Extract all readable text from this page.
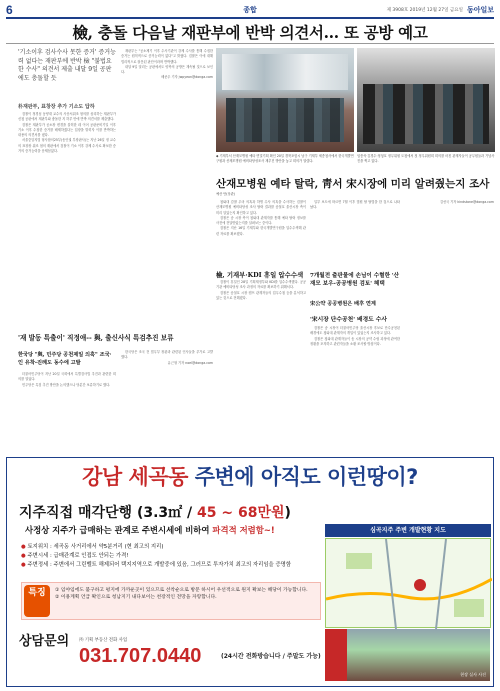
6	종합	제 3908호 2019년 12월 27일 금요일 동아일보
檢, 충돌 다음날 재판부에 반박 의견서… 또 공방 예고
'기소이후 검사수사 못한 증거' 증거능력 없다는 재판부에 반박 檢 "불법요한 수사" 의견서 제출 내달 9일 공판에도 충돌할 듯
朴재판부, 표창장 추가 기소도 답하

검찰이 정경심 동양대 교수의 사문서위조 혐의를 심리하는 재판부가 신청 공판에서 재판부와 충돌한 지 하루 만에 반박 의견서를 제출했다.

검찰은 재판부가 공소장 변경을 불허한 데 이어 공판준비기일 이후 기소 이후 수집한 증거를 배제하겠다는 입장을 밝히자 이를 반박하는 내용의 의견서를 냈다.

서울중앙지법 형사합의25부(송인권 부장판사)는 지난 26일 정 교수의 표창장 위조 혐의 재판에서 검찰이 기소 이후 강제 수사로 확보한 증거의 증거능력을 문제삼았다.

재판부는 "공소제기 이후 수사기관이 강제 수사를 통해 수집한 증거는 원칙적으로 증거능력이 없다"고 밝혔다. 검찰은 이에 대해 법리적으로 잘못된 판단이라며 반박했다.

내달 9일 열리는 공판에서도 양측의 공방은 계속될 것으로 보인다.

배준우 기자 jwpyeon@donga.com

◆ 기재부서 산재모병원 예타 면밀기획 확인 20일 경북포항시 남구 기재부 세종청사에서 한국개발연구원과 산재모병원 예비타당성조사 재추진 방안을 놓고 회의가 열렸다.
임종석·김경수·정청호 정무위원 도청에서 첫 정무위원회 회의를 마친 관계자들이 공무원들과 기념사진을 찍고 있다.
산재모병원 예타 탈락, 靑서 宋시장에 미리 알려줬는지 조사
예산 안(상관)

청와대 감찰 무마 의혹과 하명 수사 의혹을 수사하는 검찰이 산재모병원 예비타당성 조사 탈락 결과를 송철호 울산시장 측이 미리 알았는지 확인하고 있다.

검찰은 송 시장 측이 청와대 관계자를 통해 예타 탈락 정보를 사전에 전달받았는지를 살펴보는 중이다.

검찰은 지난 16일 기재부와 한국개발연구원을 압수수색해 관련 자료를 확보했다.

檢, 기재부·KDI 휴일 압수수색

검찰이 휴일인 28일 기획재정부와 KDI를 압수수색했다. 공공기관 예비타당성 조사 과정의 자료를 확보하기 위해서다.

검찰은 송철호 시장 캠프 관계자들의 업무수첩 등을 분석하고 있는 것으로 전해졌다.

일부 보도에 따르면 7월 이후 법원 탈 탈법을 한 것으로 나타났다.

7개월전 출판물에 손님이 수혈한 '산재모 보우-공공병원 검토' 혜택
宋公약 공공병원은 배후 연계
'宋시장 단수공천' 배경도 수사

검찰은 송 시장이 더불어민주당 울산시장 후보로 단수공천된 배경에도 청와대 관계자의 개입이 있었는지 조사하고 있다.

검찰은 청와대 관계자들이 송 시장의 공약 수립 과정에 관여한 정황을 포착하고 관련자들을 소환 조사할 방침이다.

김선국 기자 kindstone@donga.com

'재 발동 특출이' 직정애-- 與, 출신사식 특검추진 보류
한국당 "與, 민주당 공천제일 의혹" 조국·인 유착-진례도 동수에 고발

더불어민주당이 지난 20일 국회에서 특별검사법 추진과 관련한 회의를 열었다.

민주당은 특검 추진 방안을 논의했으나 당분간 보류하기로 했다.

한국당은 조국 전 법무부 장관과 관련된 인사들을 추가로 고발했다.

유근형 기자 noel@donga.com

강남 세곡동 주변에 아직도 이런땅이?
지주직접 매각단행 (3.3㎡ / 45 ~ 68만원)
사정상 지주가 급매하는 관계로 주변시세에 비하여 파격적 저렴함~!
● 토지위치 : 세곡동 사거리에서 약5분거리 (현 최고의 지리)
● 주변시세 : 급매관계로 인접도 안되는 가격!
● 주변정세 : 주변에서 그린벨트 해제되어 택지지역으로 개발중에 있음, 그러므로 투자가치 최고의 자리임을 증명함
특징	① 임야임에도 불구하고 평지에 가까운곳이 있으므로 선착순으로 방문 하시어 우선적으로 원지 확보는 해당이 가능합니다.
② 이용계획 언급 확인으로 청남지기 내다보이는 천장적인 전망을 자랑합니다.
상담문의 ㈜ 기획 부동산 전화 사업
031.707.0440	(24시간 전화방습니다 / 주말도 가능)
심곡지주 주변 개발현황 지도
현장 실사 사진
